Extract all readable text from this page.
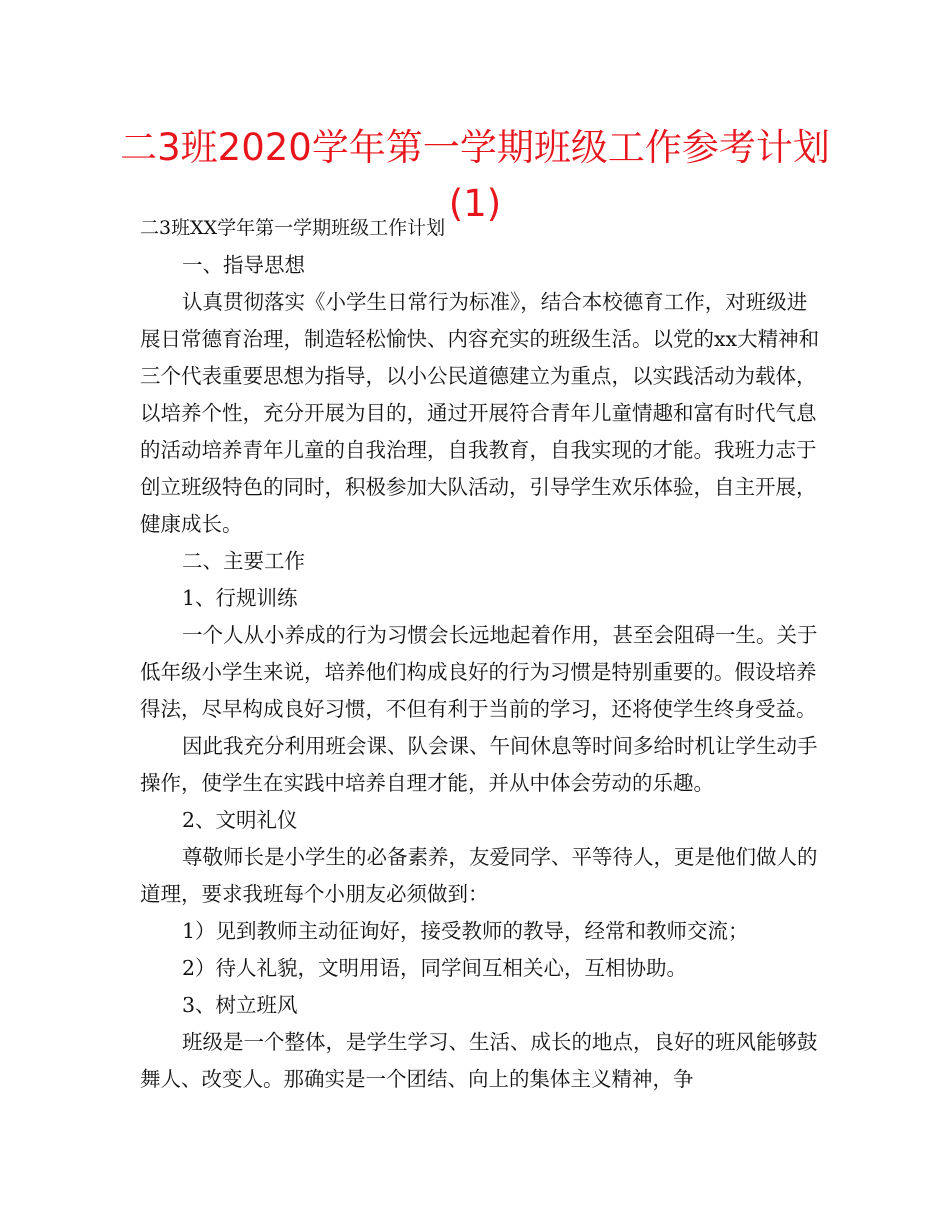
二3班2020学年第一学期班级工作参考计划(1)

二3班XX学年第一学期班级工作计划

一、指导思想

认真贯彻落实《小学生日常行为标准》，结合本校德育工作，对班级进展日常德育治理，制造轻松愉快、内容充实的班级生活。以党的xx大精神和三个代表重要思想为指导，以小公民道德建立为重点，以实践活动为载体，以培养个性，充分开展为目的，通过开展符合青年儿童情趣和富有时代气息的活动培养青年儿童的自我治理，自我教育，自我实现的才能。我班力志于创立班级特色的同时，积极参加大队活动，引导学生欢乐体验，自主开展，健康成长。

二、主要工作

1、行规训练

一个人从小养成的行为习惯会长远地起着作用，甚至会阻碍一生。关于低年级小学生来说，培养他们构成良好的行为习惯是特别重要的。假设培养得法，尽早构成良好习惯，不但有利于当前的学习，还将使学生终身受益。

因此我充分利用班会课、队会课、午间休息等时间多给时机让学生动手操作，使学生在实践中培养自理才能，并从中体会劳动的乐趣。

2、文明礼仪

尊敬师长是小学生的必备素养，友爱同学、平等待人，更是他们做人的道理，要求我班每个小朋友必须做到：

1）见到教师主动征询好，接受教师的教导，经常和教师交流；

2）待人礼貌，文明用语，同学间互相关心，互相协助。

3、树立班风

班级是一个整体，是学生学习、生活、成长的地点，良好的班风能够鼓舞人、改变人。那确实是一个团结、向上的集体主义精神，争
